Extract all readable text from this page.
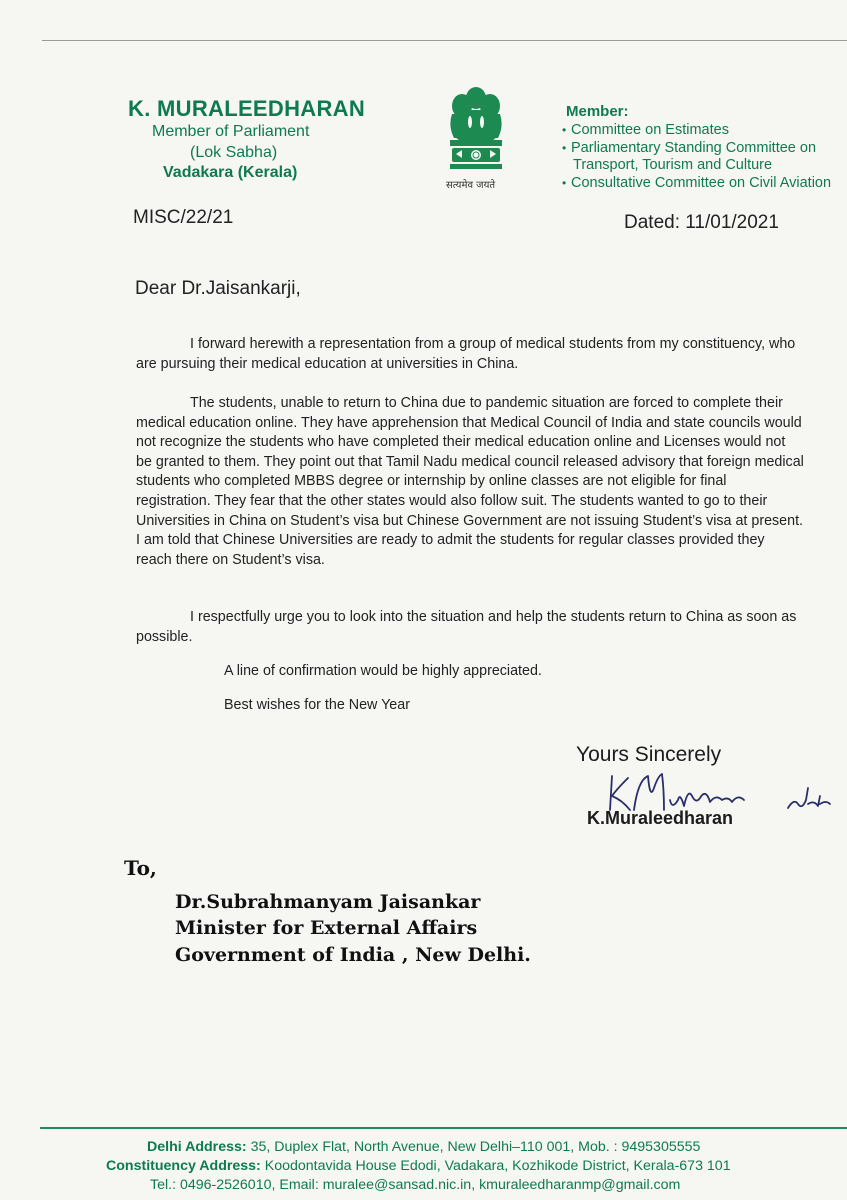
K. MURALEEDHARAN
Member of Parliament
(Lok Sabha)
Vadakara (Kerala)
सत्यमेव जयते
Member:
• Committee on Estimates
• Parliamentary Standing Committee on
Transport, Tourism and Culture
• Consultative Committee on Civil Aviation
MISC/22/21	Dated: 11/01/2021
Dear Dr.Jaisankarji,

I forward herewith a representation from a group of medical students from my constituency, who are pursuing their medical education at universities in China.

The students, unable to return to China due to pandemic situation are forced to complete their medical education online. They have apprehension that Medical Council of India and state councils would not recognize the students who have completed their medical education online and Licenses would not be granted to them. They point out that Tamil Nadu medical council released advisory that foreign medical students who completed MBBS degree or internship by online classes are not eligible for final registration. They fear that the other states would also follow suit. The students wanted to go to their Universities in China on Student’s visa but Chinese Government are not issuing Student’s visa at present. I am told that Chinese Universities are ready to admit the students for regular classes provided they reach there on Student’s visa.

I respectfully urge you to look into the situation and help the students return to China as soon as possible.

A line of confirmation would be highly appreciated.
Best wishes for the New Year
Yours Sincerely
K.Muraleedharan
To,
Dr.Subrahmanyam Jaisankar
Minister for External Affairs
Government of India , New Delhi.
Delhi Address: 35, Duplex Flat, North Avenue, New Delhi–110 001, Mob. : 9495305555
Constituency Address: Koodontavida House Edodi, Vadakara, Kozhikode District, Kerala-673 101
Tel.: 0496-2526010, Email: muralee@sansad.nic.in, kmuraleedharanmp@gmail.com
